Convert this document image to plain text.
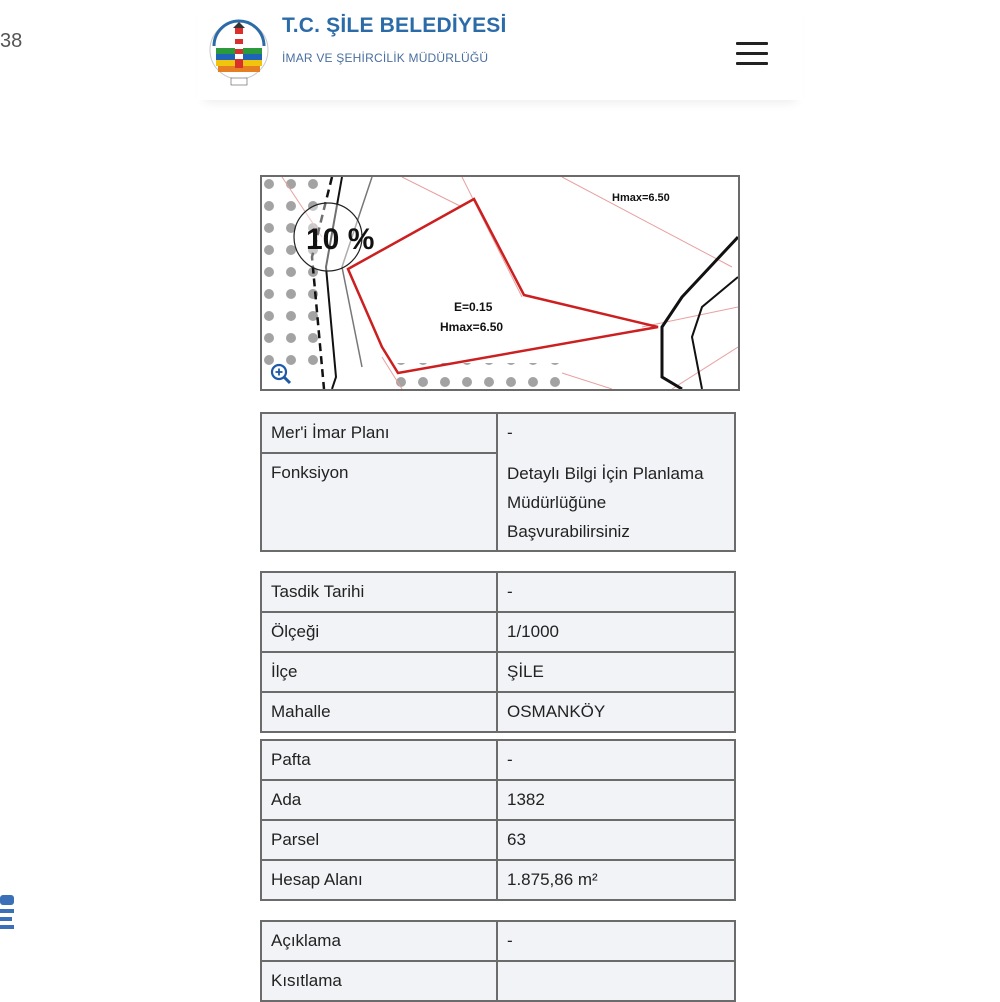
38
T.C. ŞİLE BELEDİYESİ
İMAR VE ŞEHİRCİLİK MÜDÜRLÜĞÜ
10 %
E=0.15
Hmax=6.50
Hmax=6.50
Mer'i İmar Planı	-
Fonksiyon	Detaylı Bilgi İçin Planlama Müdürlüğüne Başvurabilirsiniz
Tasdik Tarihi	-
Ölçeği	1/1000
İlçe	ŞİLE
Mahalle	OSMANKÖY
Pafta	-
Ada	1382
Parsel	63
Hesap Alanı	1.875,86 m²
Açıklama	-
Kısıtlama
